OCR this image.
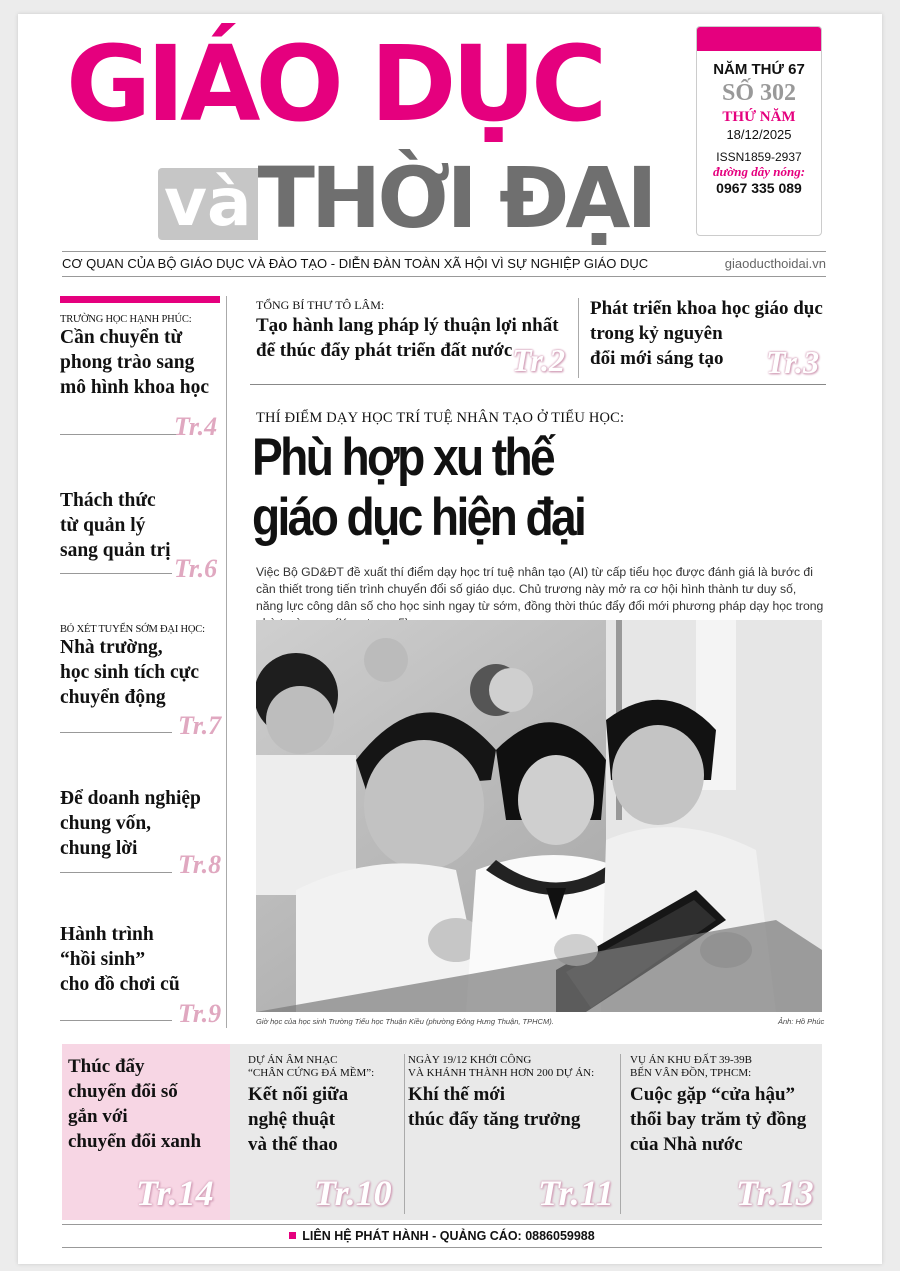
GIÁO DỤC
vàTHỜI ĐẠI
NĂM THỨ 67
SỐ 302
THỨ NĂM
18/12/2025
ISSN1859-2937
đường dây nóng:
0967 335 089
CƠ QUAN CỦA BỘ GIÁO DỤC VÀ ĐÀO TẠO - DIỄN ĐÀN TOÀN XÃ HỘI VÌ SỰ NGHIỆP GIÁO DỤC	giaoducthoidai.vn
TRƯỜNG HỌC HẠNH PHÚC:
Cần chuyển từ
phong trào sang
mô hình khoa học
Tr.4
Thách thức
từ quản lý
sang quản trị
Tr.6
BỎ XÉT TUYỂN SỚM ĐẠI HỌC:
Nhà trường,
học sinh tích cực
chuyển động
Tr.7
Để doanh nghiệp
chung vốn,
chung lời
Tr.8
Hành trình
“hồi sinh”
cho đồ chơi cũ
Tr.9
TỔNG BÍ THƯ TÔ LÂM:
Tạo hành lang pháp lý thuận lợi nhất
để thúc đẩy phát triển đất nước Tr.2
Phát triển khoa học giáo dục
trong kỷ nguyên
đổi mới sáng tạo	Tr.3
THÍ ĐIỂM DẠY HỌC TRÍ TUỆ NHÂN TẠO Ở TIỂU HỌC:
Phù hợp xu thế
giáo dục hiện đại
Việc Bộ GD&ĐT đề xuất thí điểm dạy học trí tuệ nhân tạo (AI) từ cấp tiểu học được đánh giá là bước đi cần thiết trong tiến trình chuyển đổi số giáo dục. Chủ trương này mở ra cơ hội hình thành tư duy số, năng lực công dân số cho học sinh ngay từ sớm, đồng thời thúc đẩy đổi mới phương pháp dạy học trong
Giờ học của học sinh Trường Tiểu học Thuận Kiều (phường Đông Hưng Thuận, TPHCM).	Ảnh: Hồ Phúc
Thúc đẩy
chuyển đổi số
gắn với
chuyển đổi xanh
Tr.14
DỰ ÁN ÂM NHẠC
“CHÂN CỨNG ĐÁ MỀM”:
Kết nối giữa
nghệ thuật
và thể thao
Tr.10
NGÀY 19/12 KHỞI CÔNG
VÀ KHÁNH THÀNH HƠN 200 DỰ ÁN:
Khí thế mới
thúc đẩy tăng trưởng
Tr.11
VỤ ÁN KHU ĐẤT 39-39B
BẾN VÂN ĐỒN, TPHCM:
Cuộc gặp “cửa hậu”
thổi bay trăm tỷ đồng
của Nhà nước
Tr.13
LIÊN HỆ PHÁT HÀNH - QUẢNG CÁO: 0886059988
